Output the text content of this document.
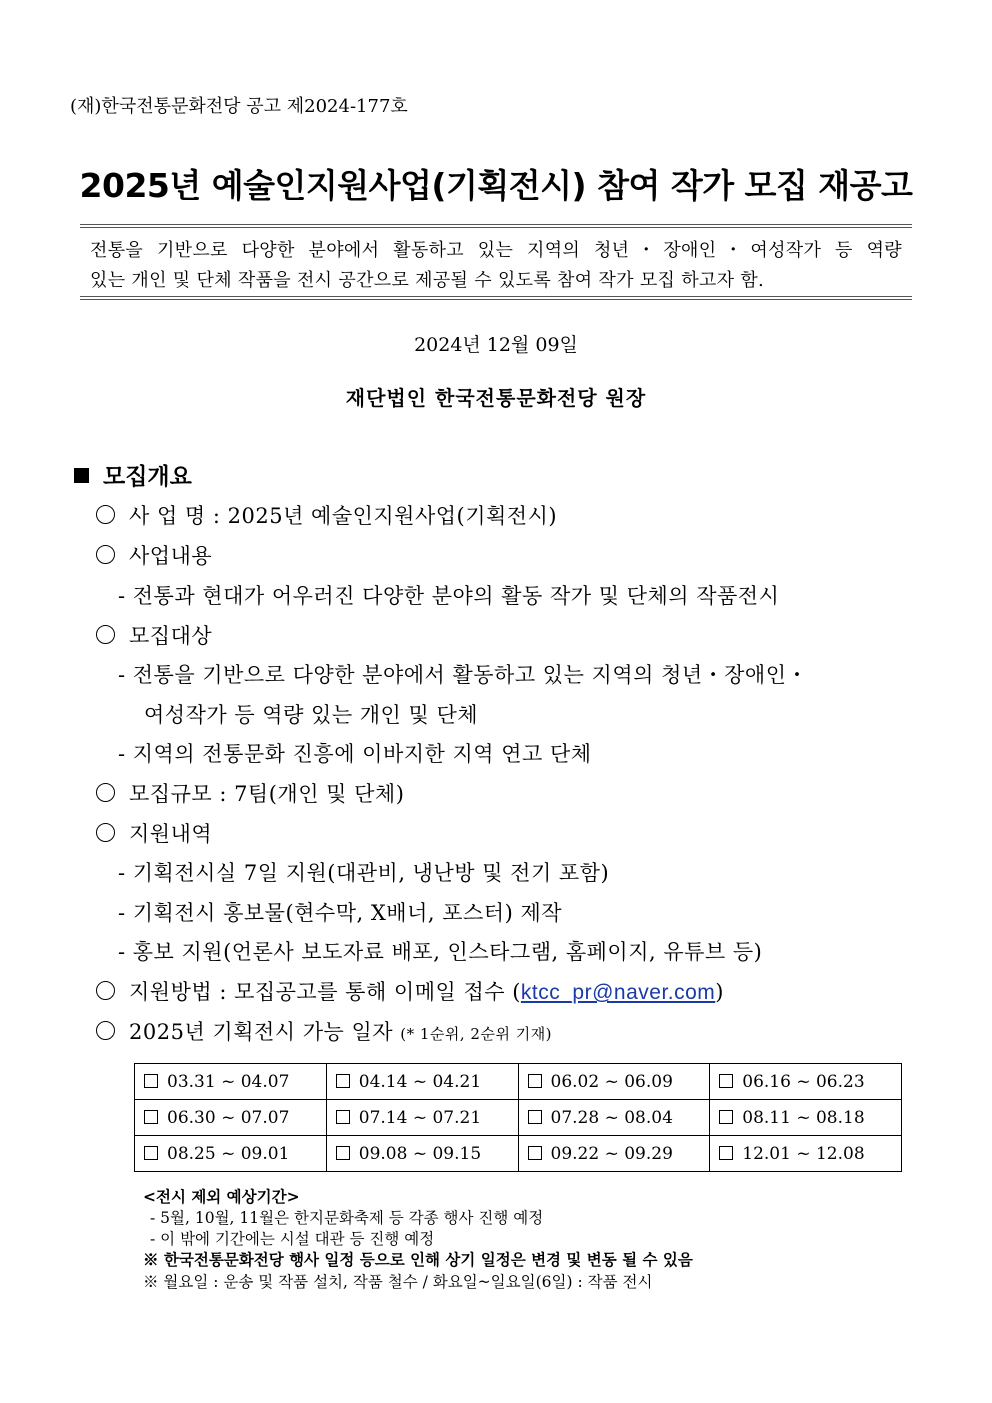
(재)한국전통문화전당 공고 제2024-177호
2025년 예술인지원사업(기획전시) 참여 작가 모집 재공고
전통을 기반으로 다양한 분야에서 활동하고 있는 지역의 청년・장애인・여성작가 등 역량
있는 개인 및 단체 작품을 전시 공간으로 제공될 수 있도록 참여 작가 모집 하고자 함.
2024년 12월 09일
재단법인 한국전통문화전당 원장
모집개요
사 업 명 : 2025년 예술인지원사업(기획전시)
사업내용
- 전통과 현대가 어우러진 다양한 분야의 활동 작가 및 단체의 작품전시
모집대상
- 전통을 기반으로 다양한 분야에서 활동하고 있는 지역의 청년・장애인・
여성작가 등 역량 있는 개인 및 단체
- 지역의 전통문화 진흥에 이바지한 지역 연고 단체
모집규모 : 7팀(개인 및 단체)
지원내역
- 기획전시실 7일 지원(대관비, 냉난방 및 전기 포함)
- 기획전시 홍보물(현수막, X배너, 포스터) 제작
- 홍보 지원(언론사 보도자료 배포, 인스타그램, 홈페이지, 유튜브 등)
지원방법 : 모집공고를 통해 이메일 접수 (ktcc_pr@naver.com)
2025년 기획전시 가능 일자 (* 1순위, 2순위 기재)
03.31 ~ 04.07	04.14 ~ 04.21	06.02 ~ 06.09	06.16 ~ 06.23
06.30 ~ 07.07	07.14 ~ 07.21	07.28 ~ 08.04	08.11 ~ 08.18
08.25 ~ 09.01	09.08 ~ 09.15	09.22 ~ 09.29	12.01 ~ 12.08
<전시 제외 예상기간>
- 5월, 10월, 11월은 한지문화축제 등 각종 행사 진행 예정
- 이 밖에 기간에는 시설 대관 등 진행 예정
※ 한국전통문화전당 행사 일정 등으로 인해 상기 일정은 변경 및 변동 될 수 있음
※ 월요일 : 운송 및 작품 설치, 작품 철수 / 화요일~일요일(6일) : 작품 전시
